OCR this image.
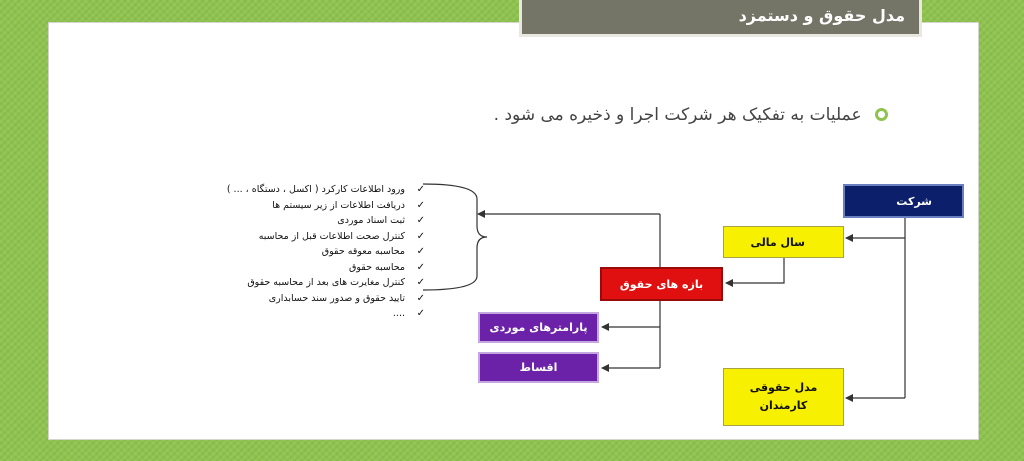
مدل حقوق و دستمزد
عملیات به تفکیک هر شرکت اجرا و ذخیره می شود .
✓ورود اطلاعات کارکرد ( اکسل ، دستگاه ، ... )
✓دریافت اطلاعات از زیر سیستم ها
✓ثبت اسناد موردی
✓کنترل صحت اطلاعات قبل از محاسبه
✓محاسبه معوقه حقوق
✓محاسبه حقوق
✓کنترل مغایرت های بعد از محاسبه حقوق
✓تایید حقوق و صدور سند حسابداری
✓....
شرکت
سال مالی
بازه های حقوق
پارامترهای موردی
اقساط
مدل حقوقی
کارمندان
